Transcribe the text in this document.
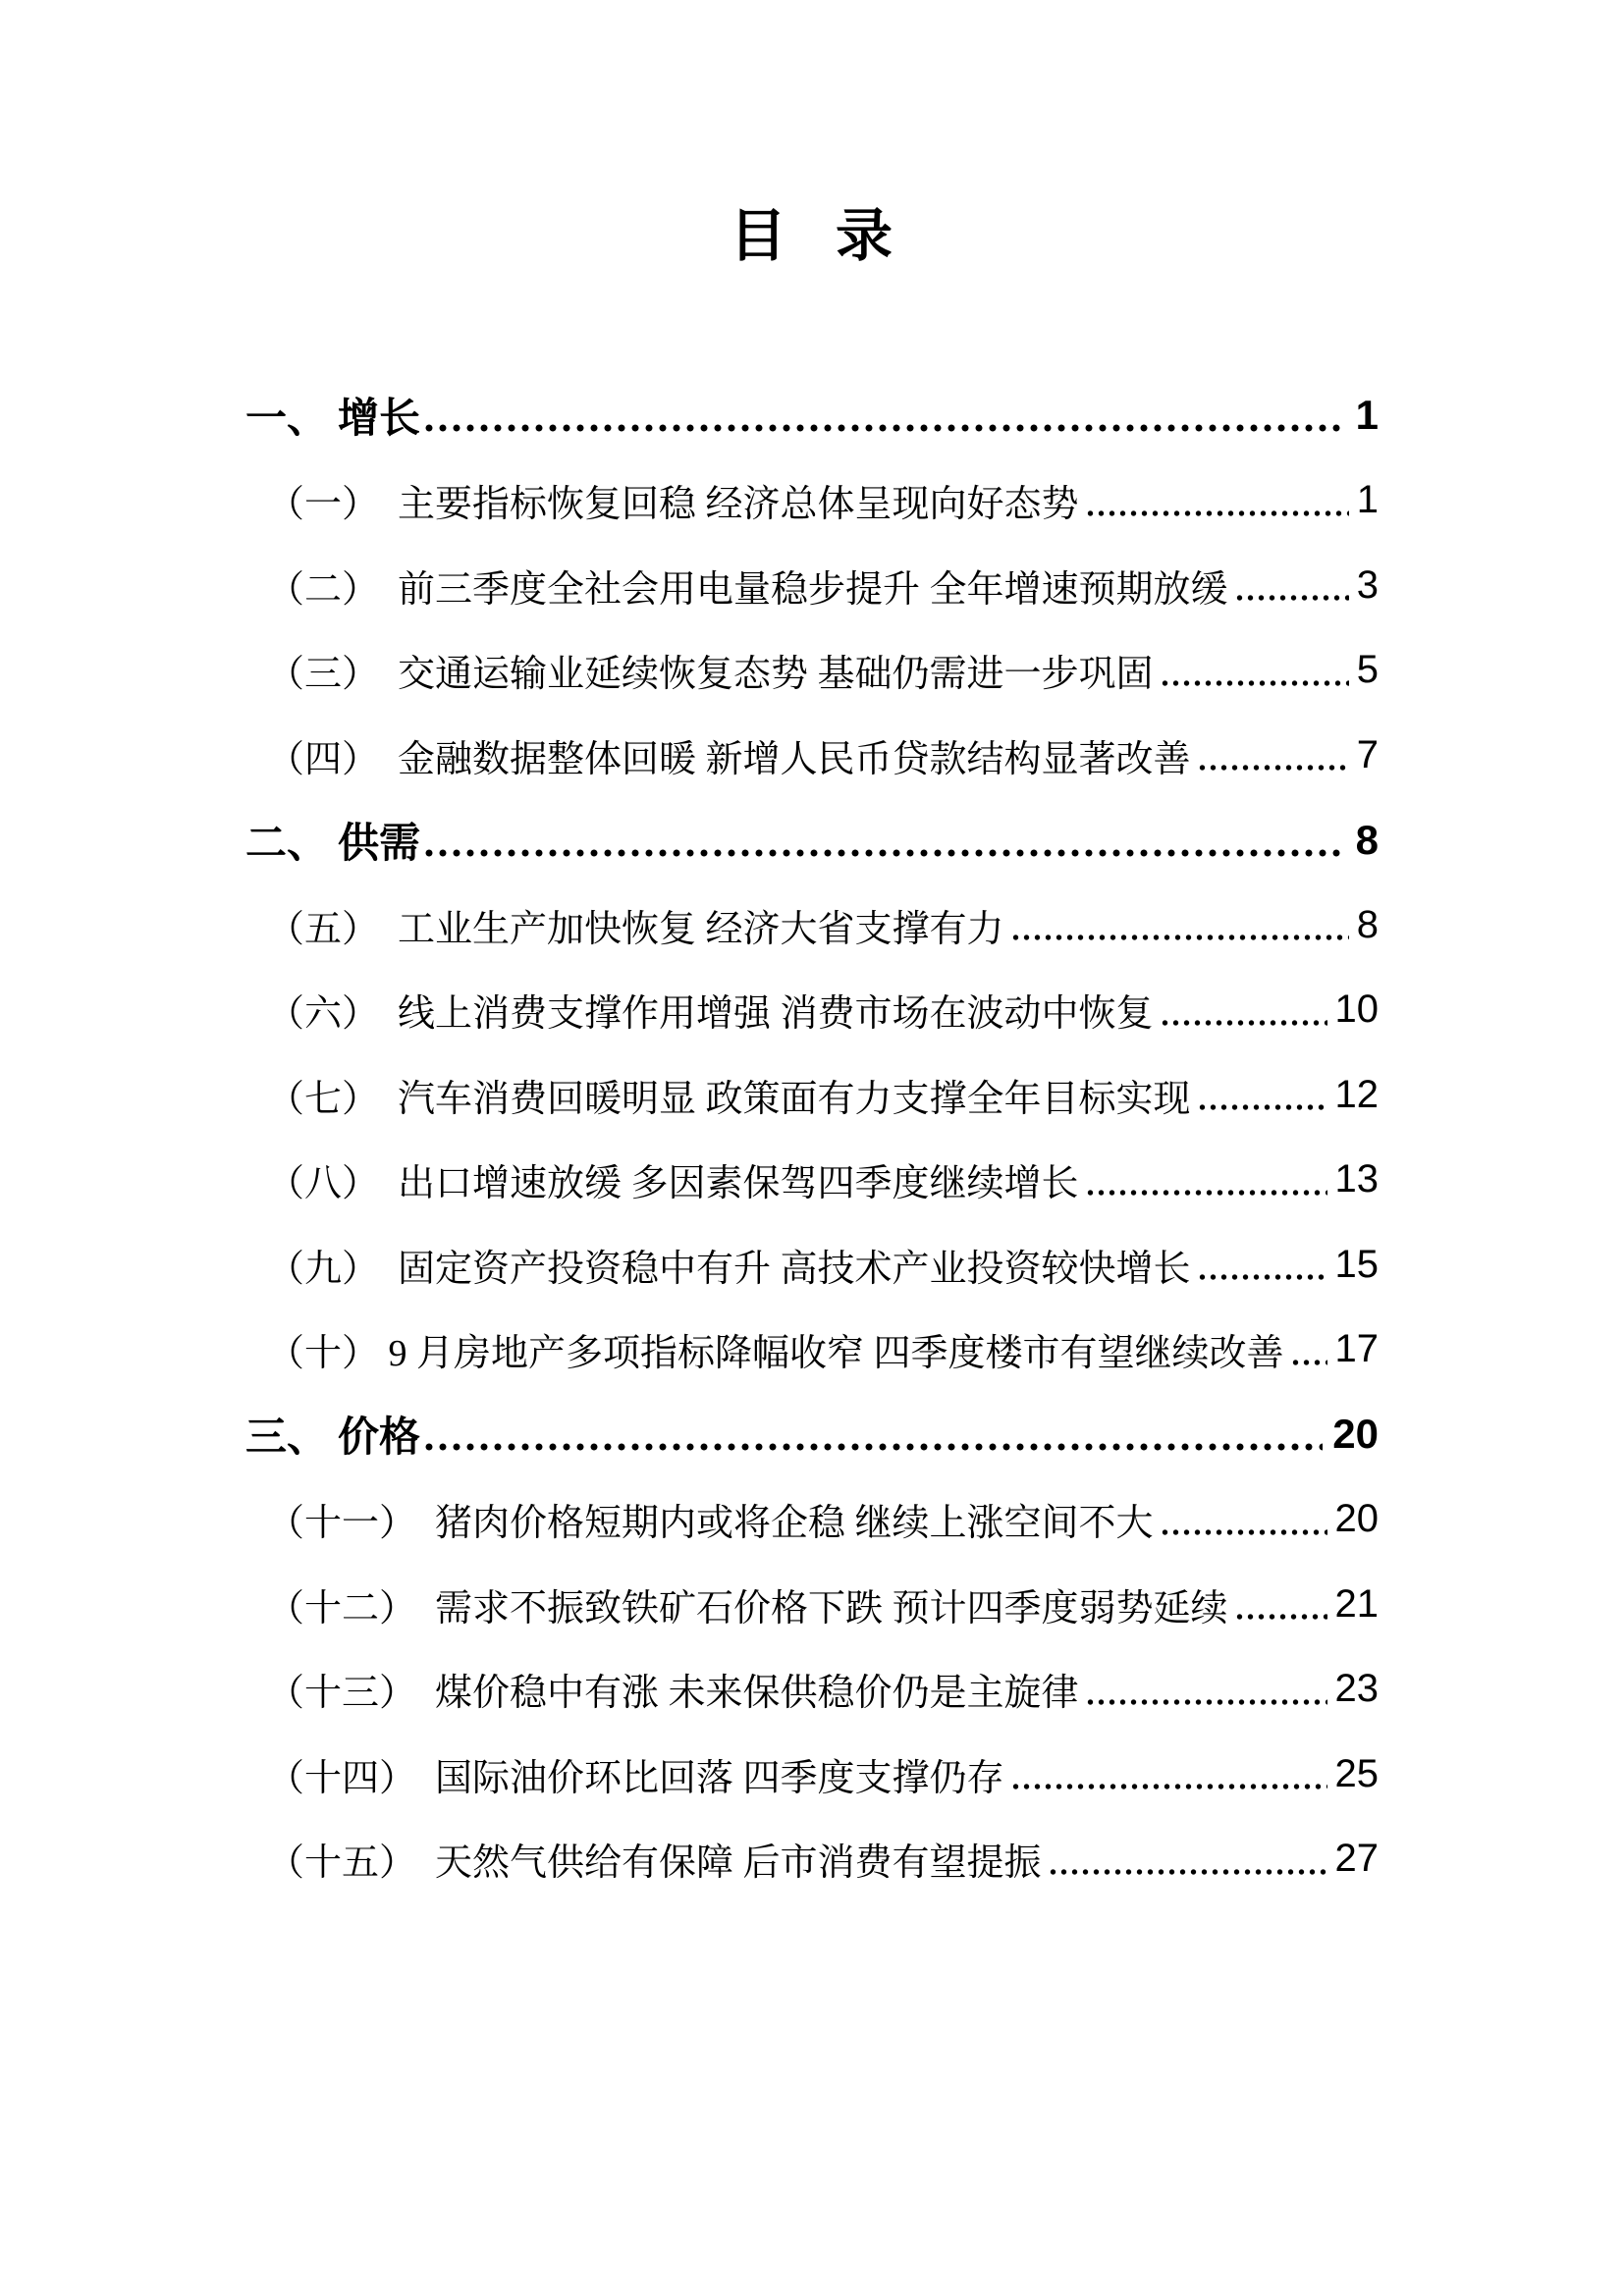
目 录
一、 增长	1
（一）　 主要指标恢复回稳 经济总体呈现向好态势	1
（二）　 前三季度全社会用电量稳步提升 全年增速预期放缓	3
（三）　 交通运输业延续恢复态势 基础仍需进一步巩固	5
（四）　 金融数据整体回暖 新增人民币贷款结构显著改善	7
二、 供需	8
（五）　 工业生产加快恢复 经济大省支撑有力	8
（六）　 线上消费支撑作用增强 消费市场在波动中恢复	10
（七）　 汽车消费回暖明显 政策面有力支撑全年目标实现	12
（八）　 出口增速放缓 多因素保驾四季度继续增长	13
（九）　 固定资产投资稳中有升 高技术产业投资较快增长	15
（十） 9 月房地产多项指标降幅收窄 四季度楼市有望继续改善 17
三、 价格	20
（十一）　 猪肉价格短期内或将企稳 继续上涨空间不大	20
（十二）　 需求不振致铁矿石价格下跌 预计四季度弱势延续	21
（十三）　 煤价稳中有涨 未来保供稳价仍是主旋律	23
（十四）　 国际油价环比回落 四季度支撑仍存	25
（十五）　 天然气供给有保障 后市消费有望提振	27
